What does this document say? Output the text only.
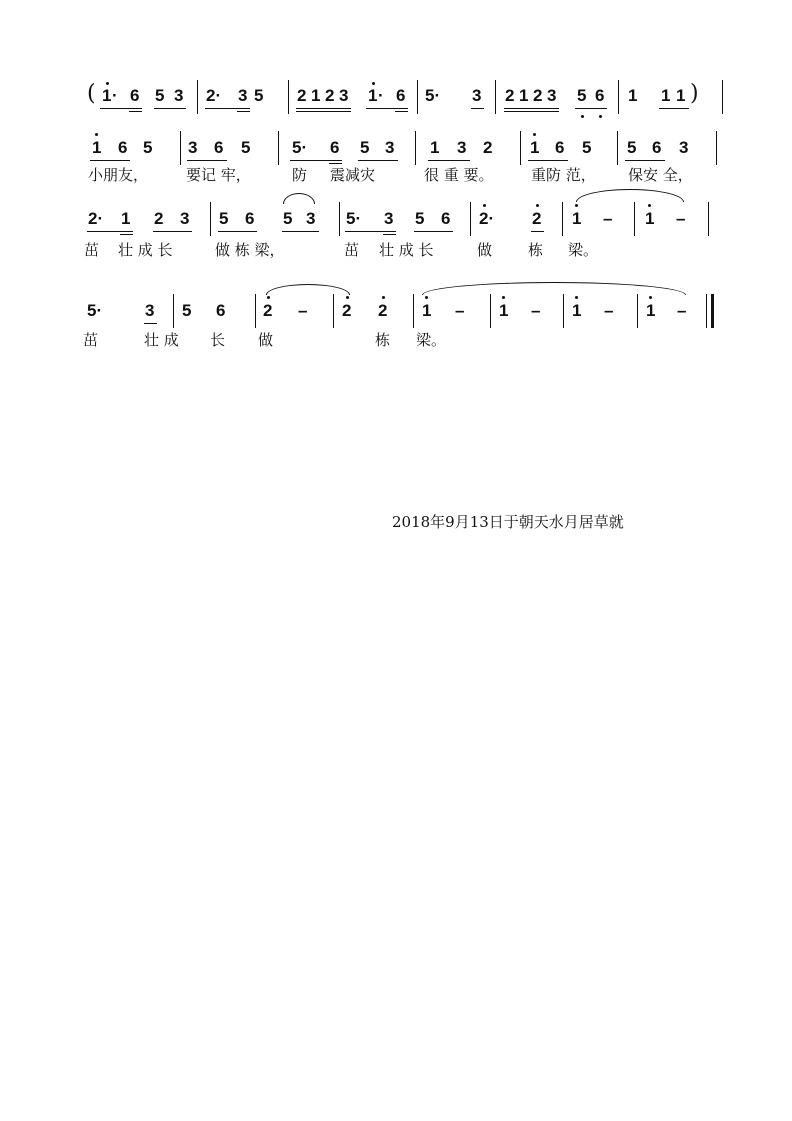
( 1 · 6 5 3 2· 3 5 2 1 2 3 1 · 6 5· 3 2 1 2 3 5 6 1 1 1 )
1 6 5 3 6 5 5· 6 5 3 1 3 2 1 6 5 5 6 3
小朋友，	要记 牢，	防 震减灾	很 重 要。 重防 范， 保安 全，
2· 1 2 3 5 6 5 3 5· 3 5 6 2· 2 1 – 1 –
茁 壮 成 长	做 栋 梁，	茁 壮 成 长	做 栋 梁。
5·	3 5 6 2 – 2 2 1 – 1 – 1 – 1 –
茁	壮 成 长 做	栋 梁。
2018年9月13日于朝天水月居草就
